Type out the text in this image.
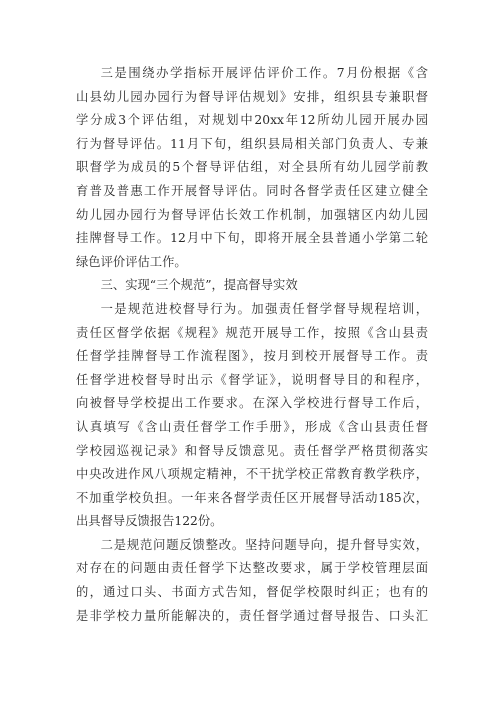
三是围绕办学指标开展评估评价工作。7月份根据《含
山县幼儿园办园行为督导评估规划》安排，组织县专兼职督
学分成3个评估组，对规划中20xx年12所幼儿园开展办园
行为督导评估。11月下旬，组织县局相关部门负责人、专兼
职督学为成员的5个督导评估组，对全县所有幼儿园学前教
育普及普惠工作开展督导评估。同时各督学责任区建立健全
幼儿园办园行为督导评估长效工作机制，加强辖区内幼儿园
挂牌督导工作。12月中下旬，即将开展全县普通小学第二轮
绿色评价评估工作。
三、实现“三个规范”，提高督导实效
一是规范进校督导行为。加强责任督学督导规程培训，
责任区督学依据《规程》规范开展导工作，按照《含山县责
任督学挂牌督导工作流程图》，按月到校开展督导工作。责
任督学进校督导时出示《督学证》，说明督导目的和程序，
向被督导学校提出工作要求。在深入学校进行督导工作后，
认真填写《含山责任督学工作手册》，形成《含山县责任督
学校园巡视记录》和督导反馈意见。责任督学严格贯彻落实
中央改进作风八项规定精神，不干扰学校正常教育教学秩序，
不加重学校负担。一年来各督学责任区开展督导活动185次，
出具督导反馈报告122份。
二是规范问题反馈整改。坚持问题导向，提升督导实效，
对存在的问题由责任督学下达整改要求，属于学校管理层面
的，通过口头、书面方式告知，督促学校限时纠正；也有的
是非学校力量所能解决的，责任督学通过督导报告、口头汇
